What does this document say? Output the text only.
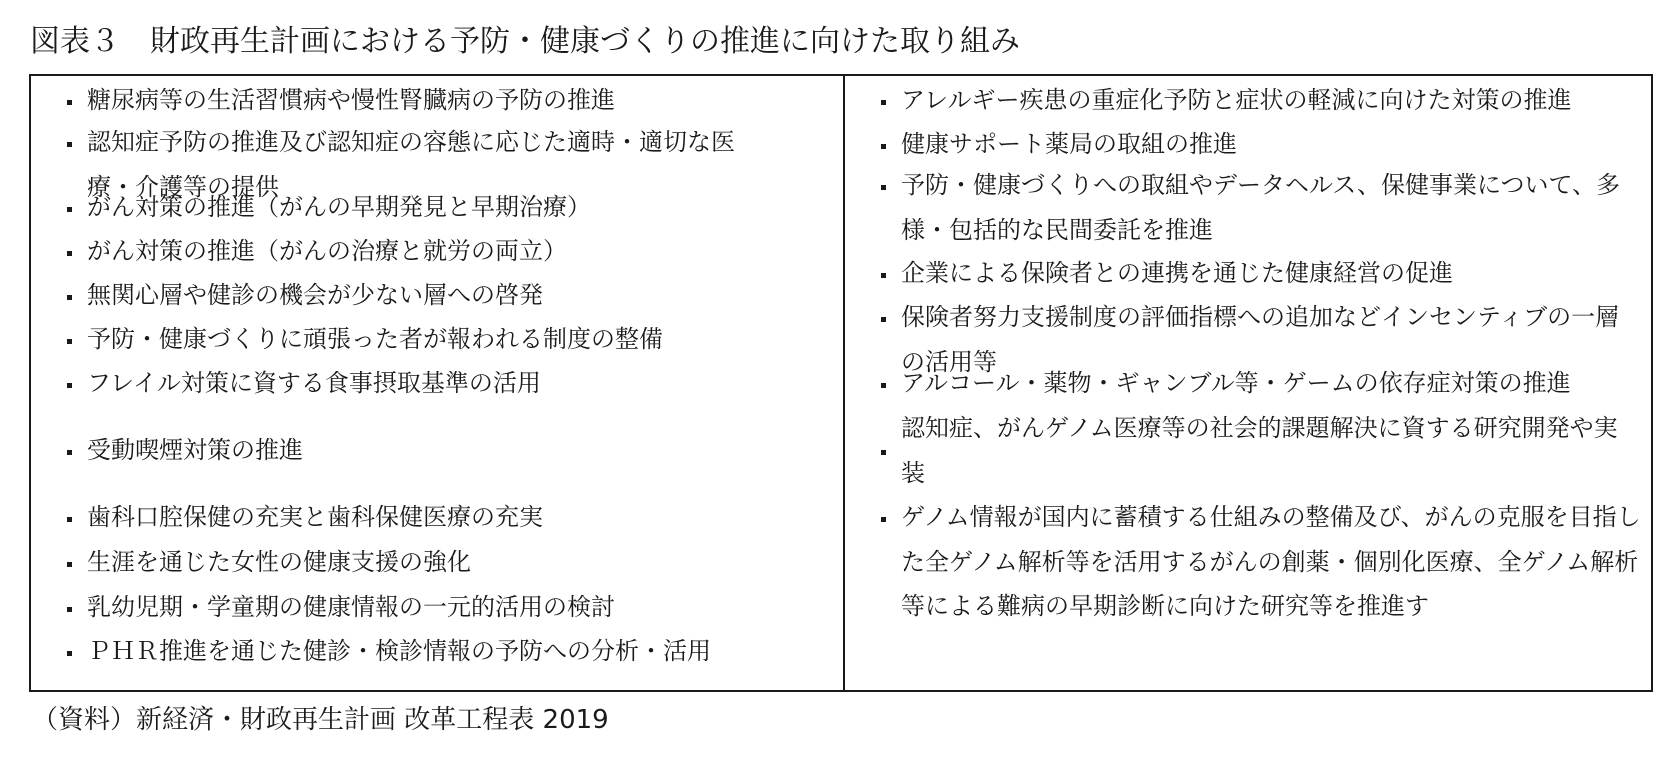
図表３　財政再生計画における予防・健康づくりの推進に向けた取り組み
糖尿病等の生活習慣病や慢性腎臓病の予防の推進
認知症予防の推進及び認知症の容態に応じた適時・適切な医療・介護等の提供
がん対策の推進（がんの早期発見と早期治療）
がん対策の推進（がんの治療と就労の両立）
無関心層や健診の機会が少ない層への啓発
予防・健康づくりに頑張った者が報われる制度の整備
フレイル対策に資する食事摂取基準の活用
受動喫煙対策の推進
歯科口腔保健の充実と歯科保健医療の充実
生涯を通じた女性の健康支援の強化
乳幼児期・学童期の健康情報の一元的活用の検討
ＰＨＲ推進を通じた健診・検診情報の予防への分析・活用
アレルギー疾患の重症化予防と症状の軽減に向けた対策の推進
健康サポート薬局の取組の推進
予防・健康づくりへの取組やデータヘルス、保健事業について、多様・包括的な民間委託を推進
企業による保険者との連携を通じた健康経営の促進
保険者努力支援制度の評価指標への追加などインセンティブの一層の活用等
アルコール・薬物・ギャンブル等・ゲームの依存症対策の推進
認知症、がんゲノム医療等の社会的課題解決に資する研究開発や実装
ゲノム情報が国内に蓄積する仕組みの整備及び、がんの克服を目指した全ゲノム解析等を活用するがんの創薬・個別化医療、全ゲノム解析等による難病の早期診断に向けた研究等を推進す
（資料）新経済・財政再生計画 改革工程表 2019
